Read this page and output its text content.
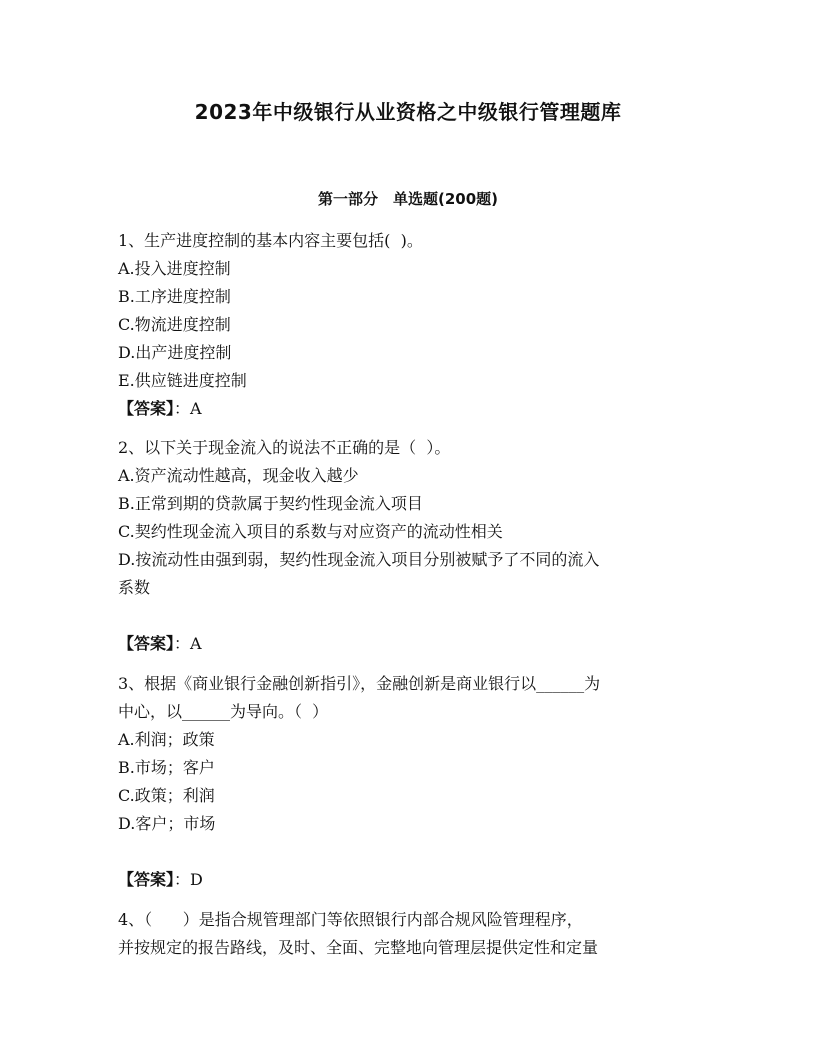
2023年中级银行从业资格之中级银行管理题库
第一部分　单选题(200题)
1、生产进度控制的基本内容主要包括(  )。
A.投入进度控制
B.工序进度控制
C.物流进度控制
D.出产进度控制
E.供应链进度控制
【答案】：A
2、以下关于现金流入的说法不正确的是（  ）。
A.资产流动性越高，现金收入越少
B.正常到期的贷款属于契约性现金流入项目
C.契约性现金流入项目的系数与对应资产的流动性相关
D.按流动性由强到弱，契约性现金流入项目分别被赋予了不同的流入
系数
【答案】：A
3、根据《商业银行金融创新指引》，金融创新是商业银行以______为
中心，以______为导向。（  ）
A.利润；政策
B.市场；客户
C.政策；利润
D.客户；市场
【答案】：D
4、（      ）是指合规管理部门等依照银行内部合规风险管理程序，
并按规定的报告路线，及时、全面、完整地向管理层提供定性和定量
